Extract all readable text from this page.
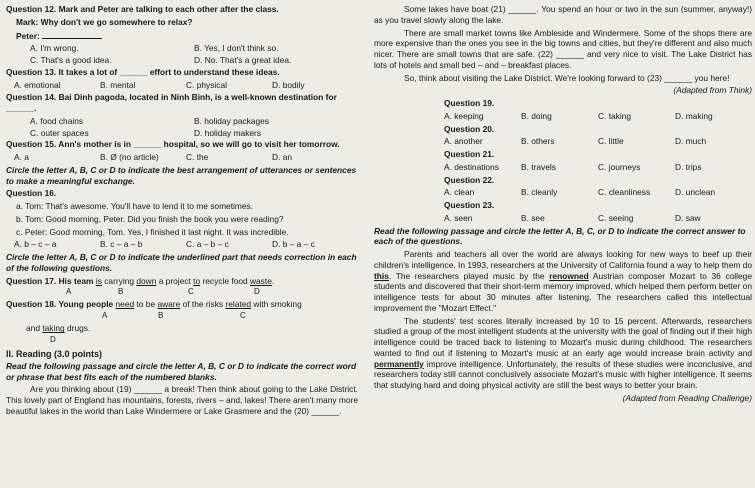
Question 12. Mark and Peter are talking to each other after the class.
Mark: Why don't we go somewhere to relax?
Peter:
A. I'm wrong.	B. Yes, I don't think so.
C. That's a good idea.	D. No. That's a great idea.
Question 13. It takes a lot of ______ effort to understand these ideas.
A. emotional	B. mental	C. physical	D. bodily
Question 14. Bai Dinh pagoda, located in Ninh Binh, is a well-known destination for ______.
A. food chains	B. holiday packages
C. outer spaces	D. holiday makers
Question 15. Ann's mother is in ______ hospital, so we will go to visit her tomorrow.
A. a	B. Ø (no article)	C. the	D. an
Circle the letter A, B, C or D to indicate the best arrangement of utterances or sentences to make a meaningful exchange.
Question 16.
a. Tom: That's awesome. You'll have to lend it to me sometimes.
b. Tom: Good morning, Peter. Did you finish the book you were reading?
c. Peter: Good morning, Tom. Yes, I finished it last night. It was incredible.
A. b – c – a	B. c – a – b	C. a – b – c	D. b – a – c
Circle the letter A, B, C or D to indicate the underlined part that needs correction in each of the following questions.
Question 17. His team is carrying down a project to recycle food waste.
A	B	C	D
Question 18. Young people need to be aware of the risks related with smoking
A	B	C
and taking drugs.
D
II. Reading (3.0 points)
Read the following passage and circle the letter A, B, C or D to indicate the correct word or phrase that best fits each of the numbered blanks.
Are you thinking about (19) ______ a break! Then think about going to the Lake District. This lovely part of England has mountains, forests, rivers – and, lakes! There aren't many more beautiful lakes in the world than Lake Windermere or Lake Grasmere and the (20) ______.
Some lakes have boat (21) ______. You spend an hour or two in the sun (summer, anyway!) as you travel slowly along the lake.
There are small market towns like Ambleside and Windermere. Some of the shops there are more expensive than the ones you see in the big towns and cities, but they're different and also much nicer. There are small towns that are safe. (22) ______ and very nice to visit. The Lake District has lots of hotels and small bed – and – breakfast places.
So, think about visiting the Lake District. We're looking forward to (23) ______ you here!
(Adapted from Think)
Question 19.
A. keeping	B. doing	C. taking	D. making
Question 20.
A. another	B. others	C. little	D. much
Question 21.
A. destinations	B. travels	C. journeys	D. trips
Question 22.
A. clean	B. cleanly	C. cleanliness	D. unclean
Question 23.
A. seen	B. see	C. seeing	D. saw
Read the following passage and circle the letter A, B, C, or D to indicate the correct answer to each of the questions.
Parents and teachers all over the world are always looking for new ways to beef up their children's intelligence. In 1993, researchers at the University of California found a way to help them do this. The researchers played music by the renowned Austrian composer Mozart to 36 college students and discovered that their short-term memory improved, which helped them perform better on intelligence tests for about 30 minutes after listening. The researchers called this intellectual improvement the "Mozart Effect."
The students' test scores literally increased by 10 to 15 percent. Afterwards, researchers studied a group of the most intelligent students at the university with the goal of finding out if their high intelligence could be traced back to listening to Mozart's music during childhood. The researchers wanted to find out if listening to Mozart's music at an early age would increase brain activity and permanently improve intelligence. Unfortunately, the results of these studies were inconclusive, and researchers today still cannot conclusively associate Mozart's music with higher intelligence. It seems that studying hard and doing physical activity are still the best ways to better your brain.
(Adapted from Reading Challenge)
